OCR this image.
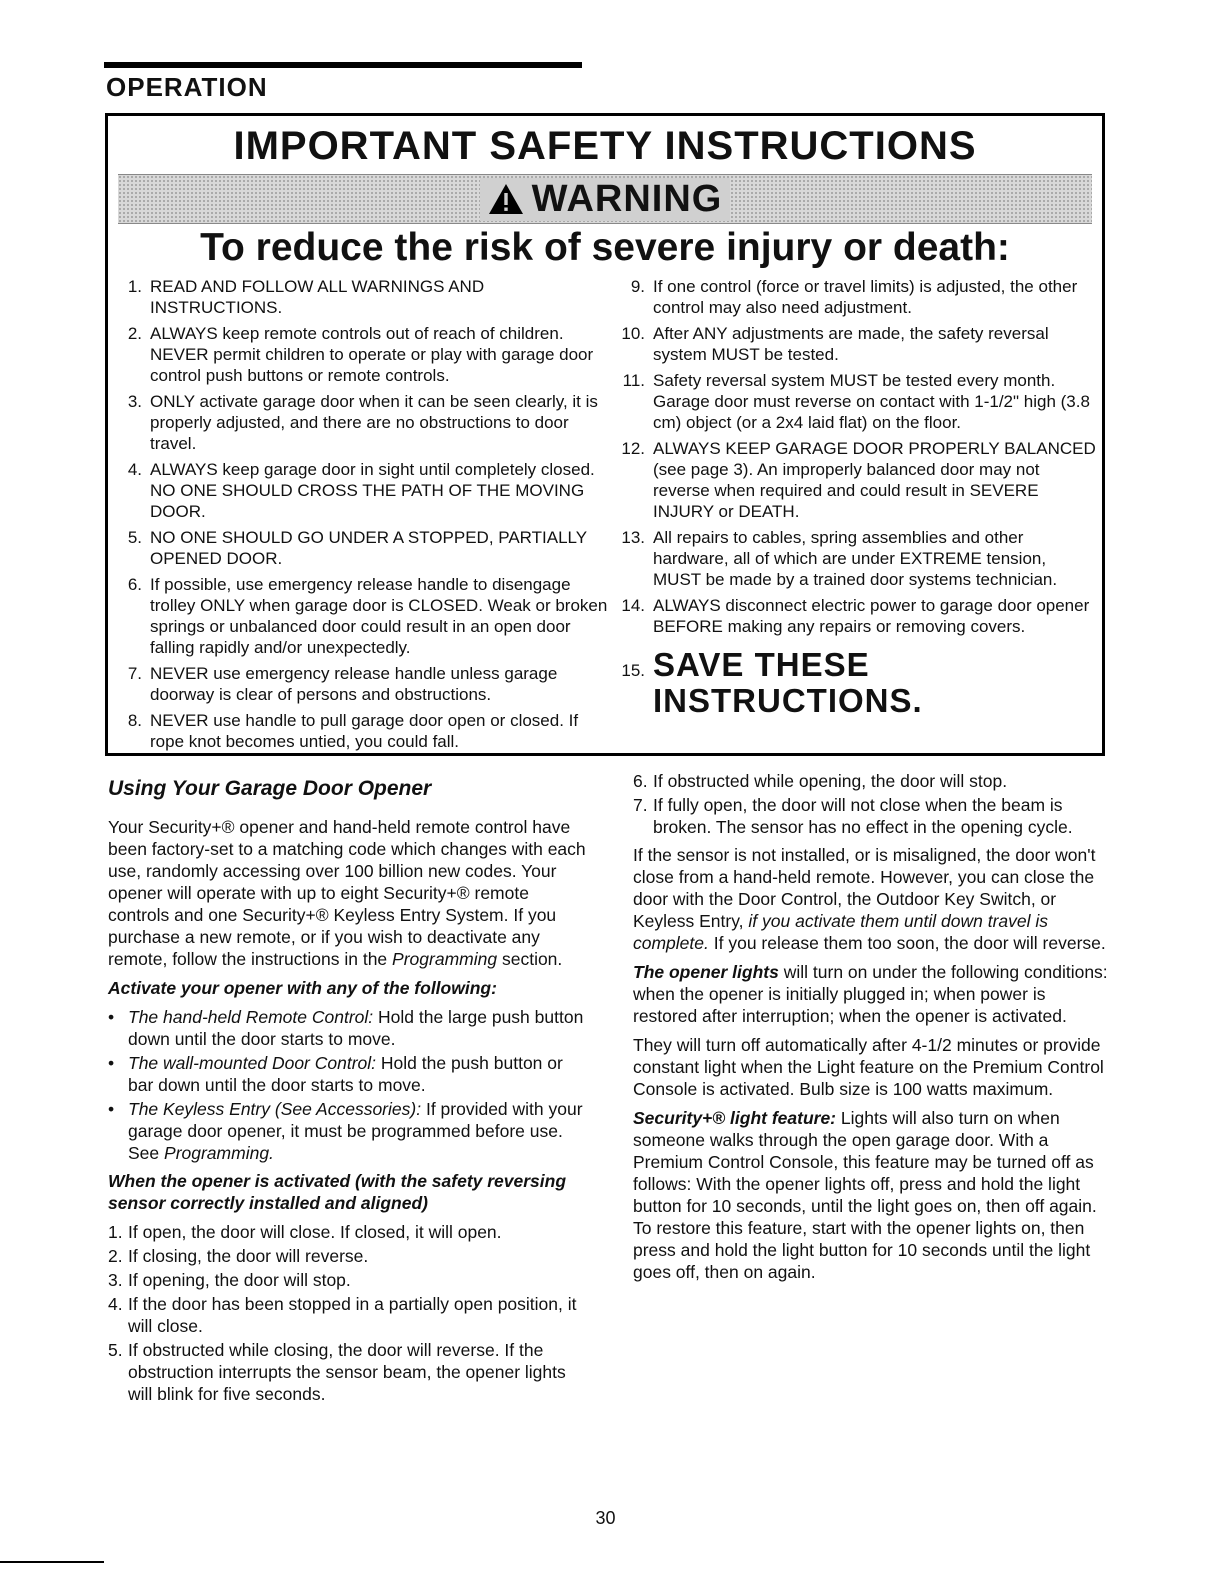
OPERATION
IMPORTANT SAFETY INSTRUCTIONS
WARNING
To reduce the risk of severe injury or death:
1. READ AND FOLLOW ALL WARNINGS AND INSTRUCTIONS.
2. ALWAYS keep remote controls out of reach of children. NEVER permit children to operate or play with garage door control push buttons or remote controls.
3. ONLY activate garage door when it can be seen clearly, it is properly adjusted, and there are no obstructions to door travel.
4. ALWAYS keep garage door in sight until completely closed. NO ONE SHOULD CROSS THE PATH OF THE MOVING DOOR.
5. NO ONE SHOULD GO UNDER A STOPPED, PARTIALLY OPENED DOOR.
6. If possible, use emergency release handle to disengage trolley ONLY when garage door is CLOSED. Weak or broken springs or unbalanced door could result in an open door falling rapidly and/or unexpectedly.
7. NEVER use emergency release handle unless garage doorway is clear of persons and obstructions.
8. NEVER use handle to pull garage door open or closed. If rope knot becomes untied, you could fall.
9. If one control (force or travel limits) is adjusted, the other control may also need adjustment.
10. After ANY adjustments are made, the safety reversal system MUST be tested.
11. Safety reversal system MUST be tested every month. Garage door must reverse on contact with 1-1/2" high (3.8 cm) object (or a 2x4 laid flat) on the floor.
12. ALWAYS KEEP GARAGE DOOR PROPERLY BALANCED (see page 3). An improperly balanced door may not reverse when required and could result in SEVERE INJURY or DEATH.
13. All repairs to cables, spring assemblies and other hardware, all of which are under EXTREME tension, MUST be made by a trained door systems technician.
14. ALWAYS disconnect electric power to garage door opener BEFORE making any repairs or removing covers.
15. SAVE THESE INSTRUCTIONS.
Using Your Garage Door Opener

Your Security+® opener and hand-held remote control have been factory-set to a matching code which changes with each use, randomly accessing over 100 billion new codes. Your opener will operate with up to eight Security+® remote controls and one Security+® Keyless Entry System. If you purchase a new remote, or if you wish to deactivate any remote, follow the instructions in the Programming section.

Activate your opener with any of the following:

• The hand-held Remote Control: Hold the large push button down until the door starts to move.
• The wall-mounted Door Control: Hold the push button or bar down until the door starts to move.
• The Keyless Entry (See Accessories): If provided with your garage door opener, it must be programmed before use. See Programming.

When the opener is activated (with the safety reversing sensor correctly installed and aligned)

1. If open, the door will close. If closed, it will open.
2. If closing, the door will reverse.
3. If opening, the door will stop.
4. If the door has been stopped in a partially open position, it will close.
5. If obstructed while closing, the door will reverse. If the obstruction interrupts the sensor beam, the opener lights will blink for five seconds.
6. If obstructed while opening, the door will stop.
7. If fully open, the door will not close when the beam is broken. The sensor has no effect in the opening cycle.

If the sensor is not installed, or is misaligned, the door won't close from a hand-held remote. However, you can close the door with the Door Control, the Outdoor Key Switch, or Keyless Entry, if you activate them until down travel is complete. If you release them too soon, the door will reverse.

The opener lights will turn on under the following conditions: when the opener is initially plugged in; when power is restored after interruption; when the opener is activated.

They will turn off automatically after 4-1/2 minutes or provide constant light when the Light feature on the Premium Control Console is activated. Bulb size is 100 watts maximum.

Security+® light feature: Lights will also turn on when someone walks through the open garage door. With a Premium Control Console, this feature may be turned off as follows: With the opener lights off, press and hold the light button for 10 seconds, until the light goes on, then off again. To restore this feature, start with the opener lights on, then press and hold the light button for 10 seconds until the light goes off, then on again.

30
